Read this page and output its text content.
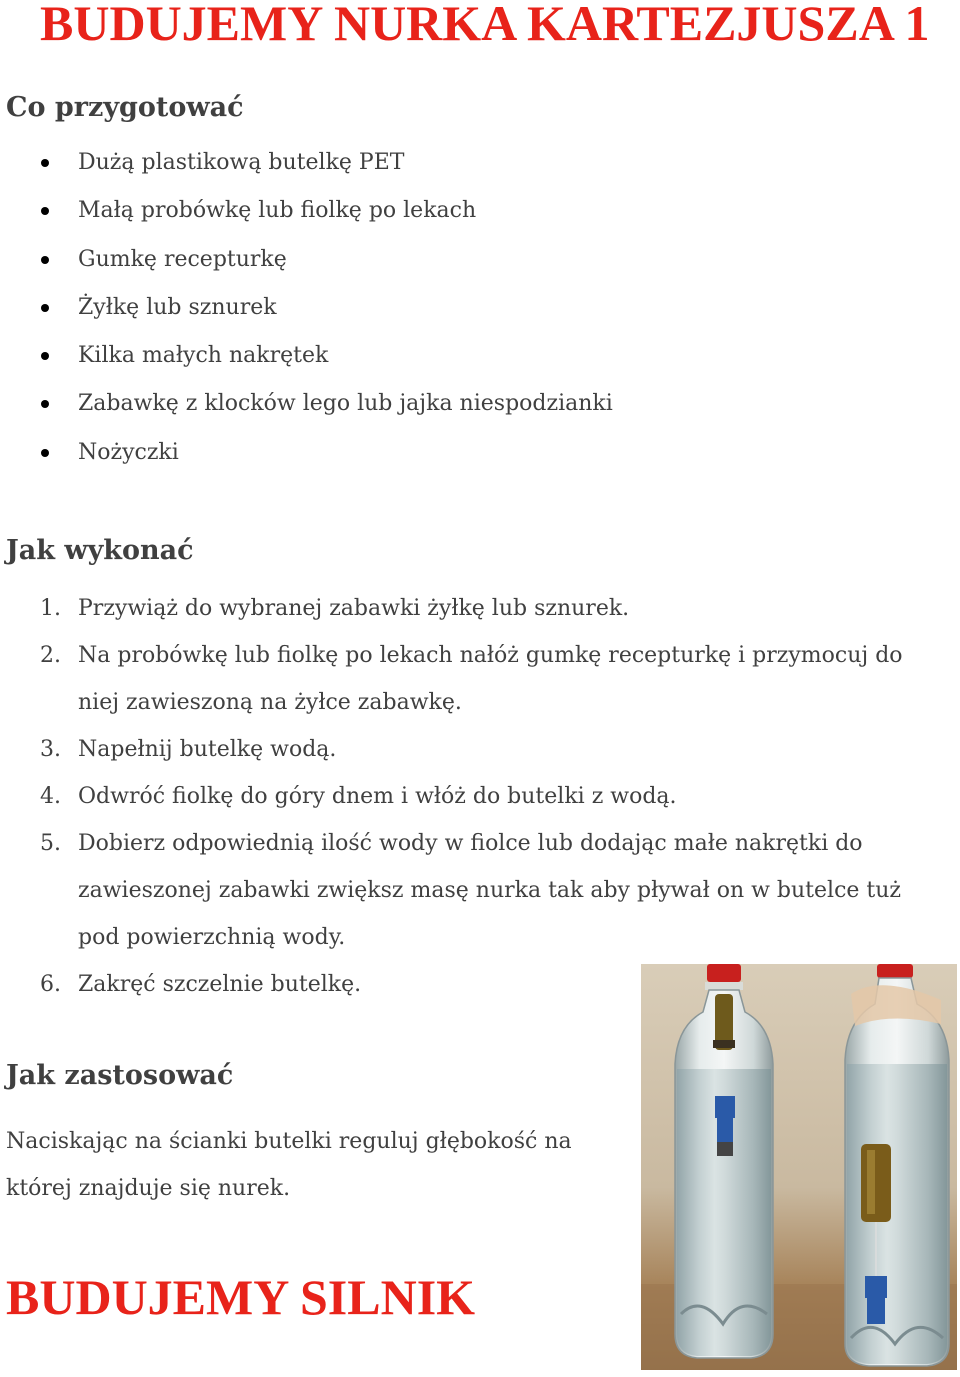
BUDUJEMY NURKA KARTEZJUSZA 1
Co przygotować
Dużą plastikową butelkę PET
Małą probówkę lub fiolkę po lekach
Gumkę recepturkę
Żyłkę lub sznurek
Kilka małych nakrętek
Zabawkę z klocków lego lub jajka niespodzianki
Nożyczki
Jak wykonać
1. Przywiąż do wybranej zabawki żyłkę lub sznurek.
2. Na probówkę lub fiolkę po lekach nałóż gumkę recepturkę i przymocuj do niej zawieszoną na żyłce zabawkę.
3. Napełnij butelkę wodą.
4. Odwróć fiolkę do góry dnem i włóż do butelki z wodą.
5. Dobierz odpowiednią ilość wody w fiolce lub dodając małe nakrętki do zawieszonej zabawki zwiększ masę nurka tak aby pływał on w butelce tuż pod powierzchnią wody.
6. Zakręć szczelnie butelkę.
Jak zastosować

Naciskając na ścianki butelki reguluj głębokość na której znajduje się nurek.

BUDUJEMY SILNIK
